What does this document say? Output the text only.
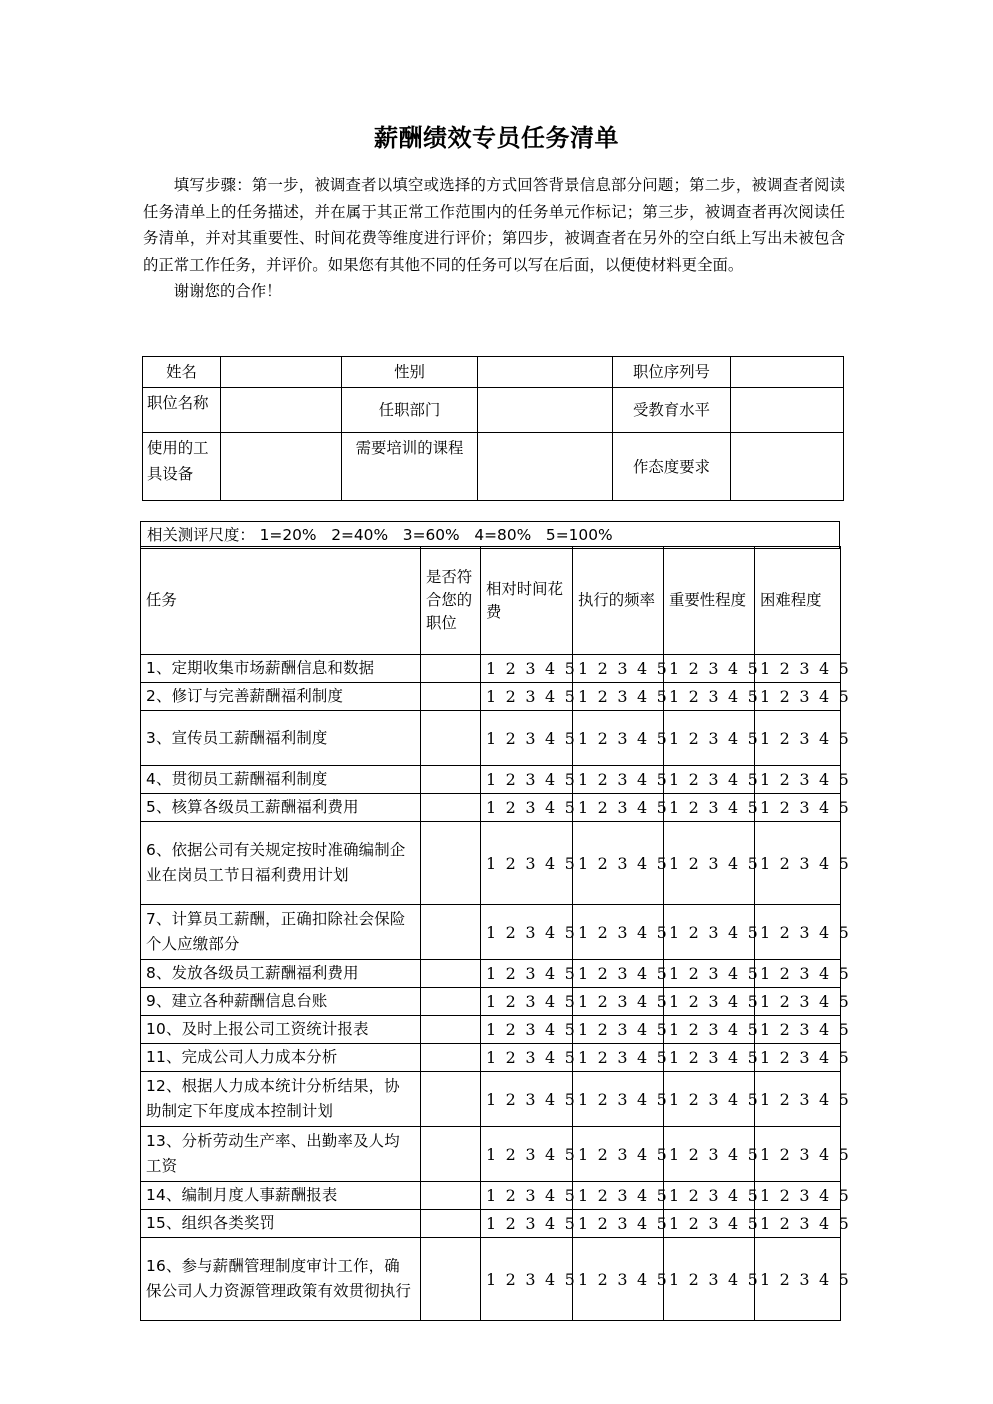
薪酬绩效专员任务清单

填写步骤：第一步，被调查者以填空或选择的方式回答背景信息部分问题；第二步，被调查者阅读任务清单上的任务描述，并在属于其正常工作范围内的任务单元作标记；第三步，被调查者再次阅读任务清单，并对其重要性、时间花费等维度进行评价；第四步，被调查者在另外的空白纸上写出未被包含的正常工作任务，并评价。如果您有其他不同的任务可以写在后面，以便使材料更全面。

谢谢您的合作！

姓名		性别		职位序列号	
职位名称		任职部门		受教育水平	
使用的工具设备		需要培训的课程		作态度要求	
相关测评尺度： 1=20%   2=40%   3=60%   4=80%   5=100%
任务	是否符合您的职位	相对时间花费	执行的频率	重要性程度	困难程度
1、定期收集市场薪酬信息和数据		1 2 3 4 5	1 2 3 4 5	1 2 3 4 5	1 2 3 4 5
2、修订与完善薪酬福利制度		1 2 3 4 5	1 2 3 4 5	1 2 3 4 5	1 2 3 4 5
3、宣传员工薪酬福利制度		1 2 3 4 5	1 2 3 4 5	1 2 3 4 5	1 2 3 4 5
4、贯彻员工薪酬福利制度		1 2 3 4 5	1 2 3 4 5	1 2 3 4 5	1 2 3 4 5
5、核算各级员工薪酬福利费用		1 2 3 4 5	1 2 3 4 5	1 2 3 4 5	1 2 3 4 5
6、依据公司有关规定按时准确编制企业在岗员工节日福利费用计划		1 2 3 4 5	1 2 3 4 5	1 2 3 4 5	1 2 3 4 5
7、计算员工薪酬，正确扣除社会保险个人应缴部分		1 2 3 4 5	1 2 3 4 5	1 2 3 4 5	1 2 3 4 5
8、发放各级员工薪酬福利费用		1 2 3 4 5	1 2 3 4 5	1 2 3 4 5	1 2 3 4 5
9、建立各种薪酬信息台账		1 2 3 4 5	1 2 3 4 5	1 2 3 4 5	1 2 3 4 5
10、及时上报公司工资统计报表		1 2 3 4 5	1 2 3 4 5	1 2 3 4 5	1 2 3 4 5
11、完成公司人力成本分析		1 2 3 4 5	1 2 3 4 5	1 2 3 4 5	1 2 3 4 5
12、根据人力成本统计分析结果，协助制定下年度成本控制计划		1 2 3 4 5	1 2 3 4 5	1 2 3 4 5	1 2 3 4 5
13、分析劳动生产率、出勤率及人均工资		1 2 3 4 5	1 2 3 4 5	1 2 3 4 5	1 2 3 4 5
14、编制月度人事薪酬报表		1 2 3 4 5	1 2 3 4 5	1 2 3 4 5	1 2 3 4 5
15、组织各类奖罚		1 2 3 4 5	1 2 3 4 5	1 2 3 4 5	1 2 3 4 5
16、参与薪酬管理制度审计工作，确保公司人力资源管理政策有效贯彻执行		1 2 3 4 5	1 2 3 4 5	1 2 3 4 5	1 2 3 4 5
